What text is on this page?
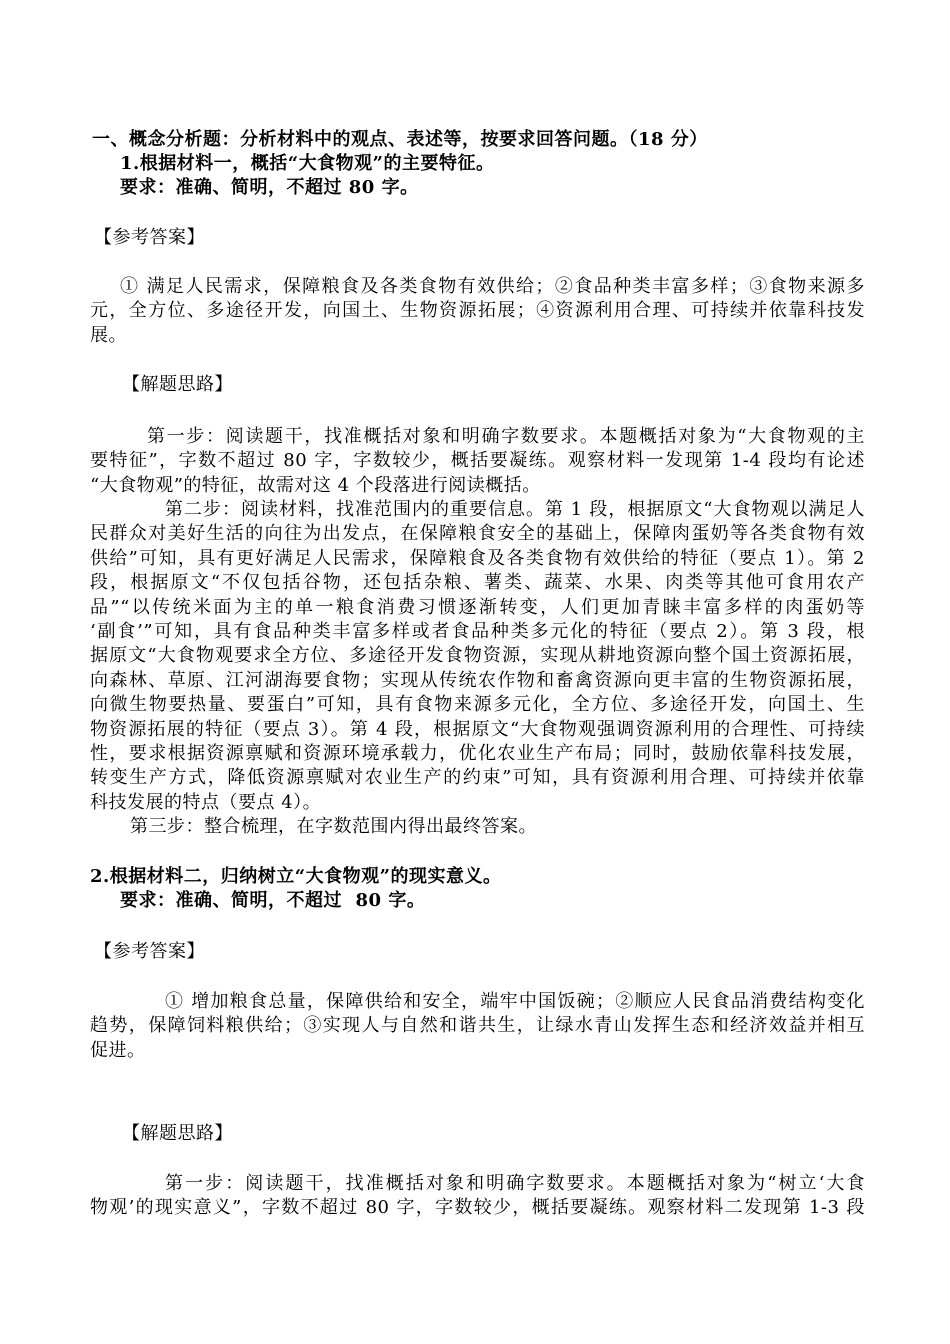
一、概念分析题：分析材料中的观点、表述等，按要求回答问题。（18 分）
1.根据材料一，概括“大食物观”的主要特征。
要求：准确、简明，不超过 80 字。
【参考答案】
① 满足人民需求，保障粮食及各类食物有效供给；②食品种类丰富多样；③食物来源多
元，全方位、多途径开发，向国土、生物资源拓展；④资源利用合理、可持续并依靠科技发
展。
【解题思路】
第一步：阅读题干，找准概括对象和明确字数要求。本题概括对象为“大食物观的主
要特征”，字数不超过 80 字，字数较少，概括要凝练。观察材料一发现第 1-4 段均有论述
“大食物观”的特征，故需对这 4 个段落进行阅读概括。
第二步：阅读材料，找准范围内的重要信息。第 1 段，根据原文“大食物观以满足人
民群众对美好生活的向往为出发点，在保障粮食安全的基础上，保障肉蛋奶等各类食物有效
供给”可知，具有更好满足人民需求，保障粮食及各类食物有效供给的特征（要点 1）。第 2
段，根据原文“不仅包括谷物，还包括杂粮、薯类、蔬菜、水果、肉类等其他可食用农产
品”“以传统米面为主的单一粮食消费习惯逐渐转变，人们更加青睐丰富多样的肉蛋奶等
‘副食’”可知，具有食品种类丰富多样或者食品种类多元化的特征（要点 2）。第 3 段，根
据原文“大食物观要求全方位、多途径开发食物资源，实现从耕地资源向整个国土资源拓展，
向森林、草原、江河湖海要食物；实现从传统农作物和畜禽资源向更丰富的生物资源拓展，
向微生物要热量、要蛋白”可知，具有食物来源多元化，全方位、多途径开发，向国土、生
物资源拓展的特征（要点 3）。第 4 段，根据原文“大食物观强调资源利用的合理性、可持续
性，要求根据资源禀赋和资源环境承载力，优化农业生产布局；同时，鼓励依靠科技发展，
转变生产方式，降低资源禀赋对农业生产的约束”可知，具有资源利用合理、可持续并依靠
科技发展的特点（要点 4）。
第三步：整合梳理，在字数范围内得出最终答案。
2.根据材料二，归纳树立“大食物观”的现实意义。
要求：准确、简明，不超过  80 字。
【参考答案】
① 增加粮食总量，保障供给和安全，端牢中国饭碗；②顺应人民食品消费结构变化
趋势，保障饲料粮供给；③实现人与自然和谐共生，让绿水青山发挥生态和经济效益并相互
促进。
【解题思路】
第一步：阅读题干，找准概括对象和明确字数要求。本题概括对象为“树立‘大食
物观’的现实意义”，字数不超过 80 字，字数较少，概括要凝练。观察材料二发现第 1-3 段
